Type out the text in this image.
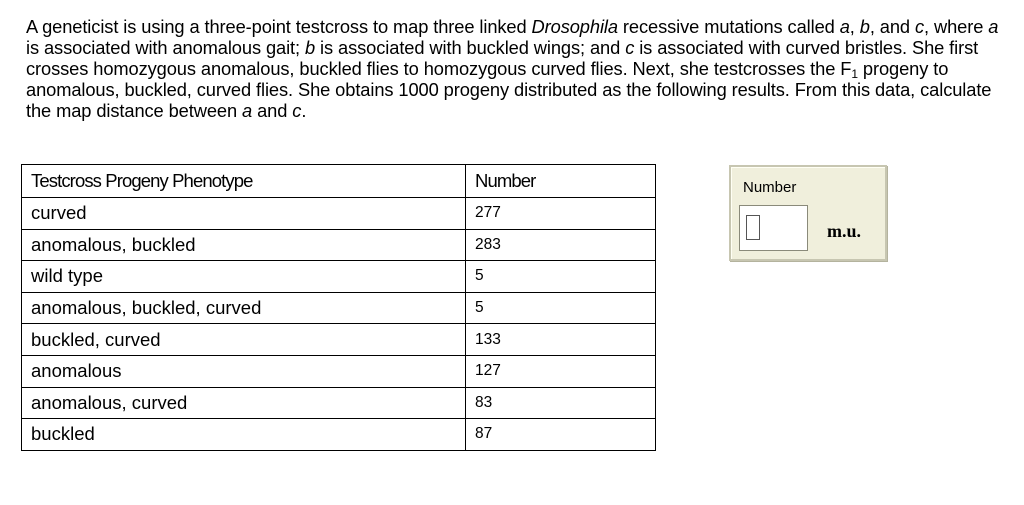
A geneticist is using a three-point testcross to map three linked Drosophila recessive mutations called a, b, and c, where a is associated with anomalous gait; b is associated with buckled wings; and c is associated with curved bristles. She first crosses homozygous anomalous, buckled flies to homozygous curved flies. Next, she testcrosses the $F_1$ progeny to anomalous, buckled, curved flies. She obtains 1000 progeny distributed as the following results. From this data, calculate the map distance between a and c.

Testcross Progeny Phenotype	Number
curved	277
anomalous, buckled	283
wild type	5
anomalous, buckled, curved	5
buckled, curved	133
anomalous	127
anomalous, curved	83
buckled	87
Number
m.u.
